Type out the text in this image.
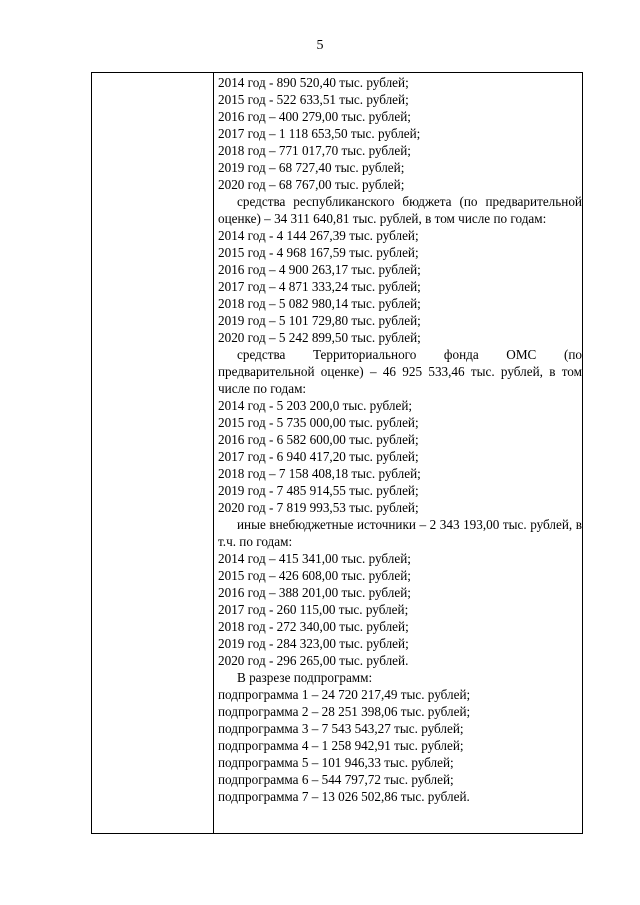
5
2014 год - 890 520,40 тыс. рублей;
2015 год - 522 633,51 тыс. рублей;
2016 год – 400 279,00 тыс. рублей;
2017 год – 1 118 653,50 тыс. рублей;
2018 год – 771 017,70 тыс. рублей;
2019 год – 68 727,40 тыс. рублей;
2020 год – 68 767,00 тыс. рублей;
средства республиканского бюджета (по предварительной оценке) – 34 311 640,81 тыс. рублей, в том числе по годам:
2014 год - 4 144 267,39 тыс. рублей;
2015 год - 4 968 167,59 тыс. рублей;
2016 год – 4 900 263,17 тыс. рублей;
2017 год – 4 871 333,24 тыс. рублей;
2018 год – 5 082 980,14 тыс. рублей;
2019 год – 5 101 729,80 тыс. рублей;
2020 год – 5 242 899,50 тыс. рублей;
средства Территориального фонда ОМС (по предварительной оценке) – 46 925 533,46 тыс. рублей, в том числе по годам:
2014 год - 5 203 200,0 тыс. рублей;
2015 год - 5 735 000,00 тыс. рублей;
2016 год - 6 582 600,00 тыс. рублей;
2017 год - 6 940 417,20 тыс. рублей;
2018 год – 7 158 408,18 тыс. рублей;
2019 год - 7 485 914,55 тыс. рублей;
2020 год - 7 819 993,53 тыс. рублей;
иные внебюджетные источники – 2 343 193,00 тыс. рублей, в т.ч. по годам:
2014 год – 415 341,00 тыс. рублей;
2015 год – 426 608,00 тыс. рублей;
2016 год – 388 201,00 тыс. рублей;
2017 год - 260 115,00 тыс. рублей;
2018 год - 272 340,00 тыс. рублей;
2019 год - 284 323,00 тыс. рублей;
2020 год - 296 265,00 тыс. рублей.
В разрезе подпрограмм:
подпрограмма 1 – 24 720 217,49 тыс. рублей;
подпрограмма 2 – 28 251 398,06 тыс. рублей;
подпрограмма 3 – 7 543 543,27 тыс. рублей;
подпрограмма 4 – 1 258 942,91 тыс. рублей;
подпрограмма 5 – 101 946,33 тыс. рублей;
подпрограмма 6 – 544 797,72 тыс. рублей;
подпрограмма 7 – 13 026 502,86 тыс. рублей.
